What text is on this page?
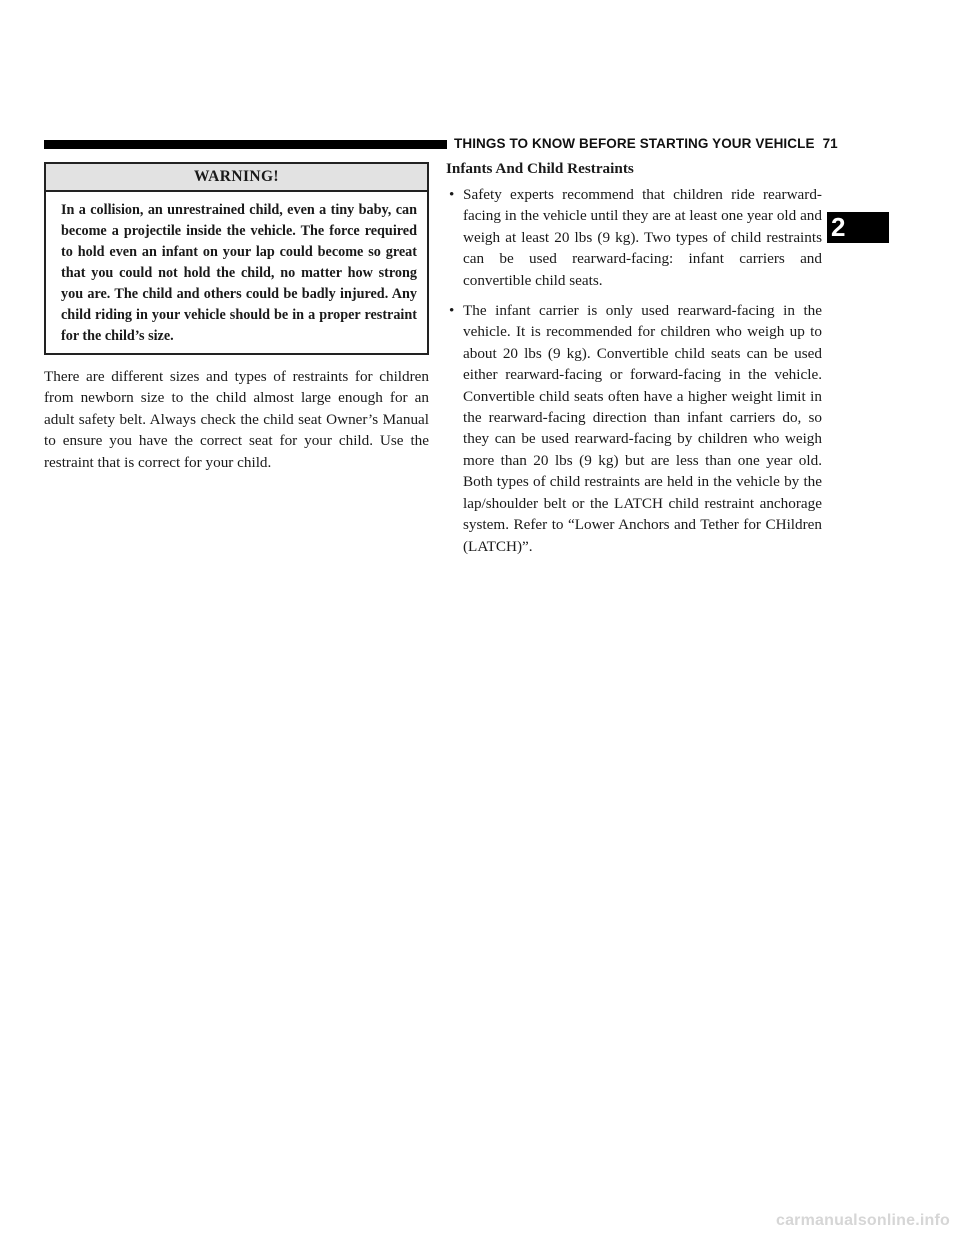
THINGS TO KNOW BEFORE STARTING YOUR VEHICLE 71
2
WARNING!
In a collision, an unrestrained child, even a tiny baby, can become a projectile inside the vehicle. The force required to hold even an infant on your lap could become so great that you could not hold the child, no matter how strong you are. The child and others could be badly injured. Any child riding in your vehicle should be in a proper restraint for the child’s size.
There are different sizes and types of restraints for children from newborn size to the child almost large enough for an adult safety belt. Always check the child seat Owner’s Manual to ensure you have the correct seat for your child. Use the restraint that is correct for your child.
Infants And Child Restraints
• Safety experts recommend that children ride rearward-facing in the vehicle until they are at least one year old and weigh at least 20 lbs (9 kg). Two types of child restraints can be used rearward-facing: infant carriers and convertible child seats.
• The infant carrier is only used rearward-facing in the vehicle. It is recommended for children who weigh up to about 20 lbs (9 kg). Convertible child seats can be used either rearward-facing or forward-facing in the vehicle. Convertible child seats often have a higher weight limit in the rearward-facing direction than infant carriers do, so they can be used rearward-facing by children who weigh more than 20 lbs (9 kg) but are less than one year old. Both types of child restraints are held in the vehicle by the lap/shoulder belt or the LATCH child restraint anchorage system. Refer to “Lower Anchors and Tether for CHildren (LATCH)”.
carmanualsonline.info
